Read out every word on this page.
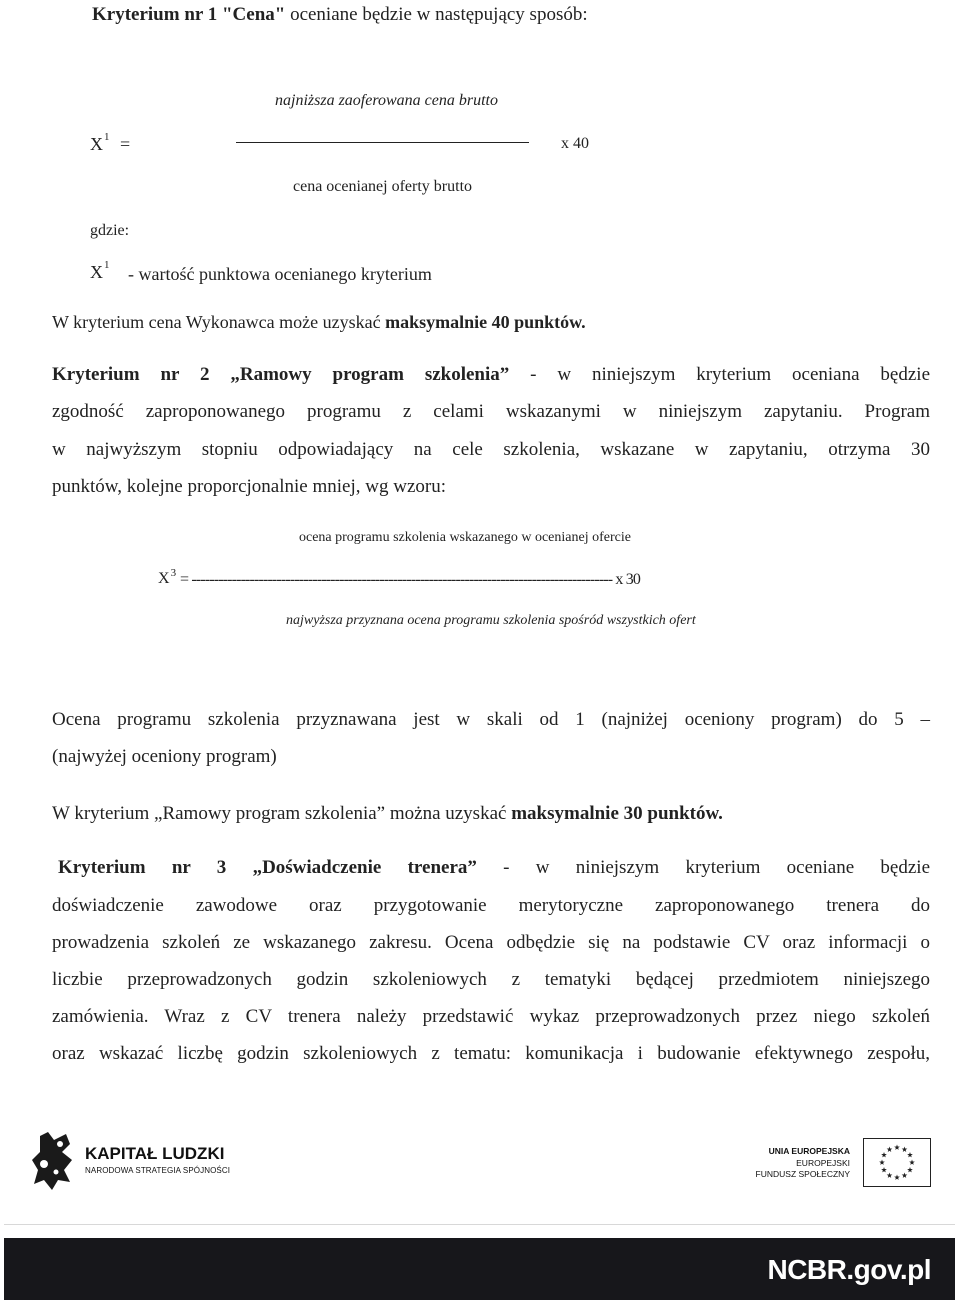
Kryterium nr 1 "Cena" oceniane będzie w następujący sposób:
najniższa zaoferowana cena brutto
$X^1$ =	x 40
cena ocenianej oferty brutto
gdzie:
$X^1$ - wartość punktowa ocenianego kryterium
W kryterium cena Wykonawca może uzyskać maksymalnie 40 punktów.
Kryterium nr 2 „Ramowy program szkolenia” - w niniejszym kryterium oceniana będzie
zgodność zaproponowanego programu z celami wskazanymi w niniejszym zapytaniu. Program
w najwyższym stopniu odpowiadający na cele szkolenia, wskazane w zapytaniu, otrzyma 30
punktów, kolejne proporcjonalnie mniej, wg wzoru:
ocena programu szkolenia wskazanego w ocenianej ofercie
$X^3$ = ---------------------------------------------------------------------------------------------- x 30
najwyższa przyznana ocena programu szkolenia spośród wszystkich ofert
Ocena programu szkolenia przyznawana jest w skali od 1 (najniżej oceniony program) do 5 –
(najwyżej oceniony program)
W kryterium „Ramowy program szkolenia” można uzyskać maksymalnie 30 punktów.
Kryterium nr 3 „Doświadczenie trenera” - w niniejszym kryterium oceniane będzie
doświadczenie zawodowe oraz przygotowanie merytoryczne zaproponowanego trenera do
prowadzenia szkoleń ze wskazanego zakresu. Ocena odbędzie się na podstawie CV oraz informacji o
liczbie przeprowadzonych godzin szkoleniowych z tematyki będącej przedmiotem niniejszego
zamówienia. Wraz z CV trenera należy przedstawić wykaz przeprowadzonych przez niego szkoleń
oraz wskazać liczbę godzin szkoleniowych z tematu: komunikacja i budowanie efektywnego zespołu,
KAPITAŁ LUDZKI
NARODOWA STRATEGIA SPÓJNOŚCI
UNIA EUROPEJSKA
EUROPEJSKI
FUNDUSZ SPOŁECZNY
NCBR.gov.pl
